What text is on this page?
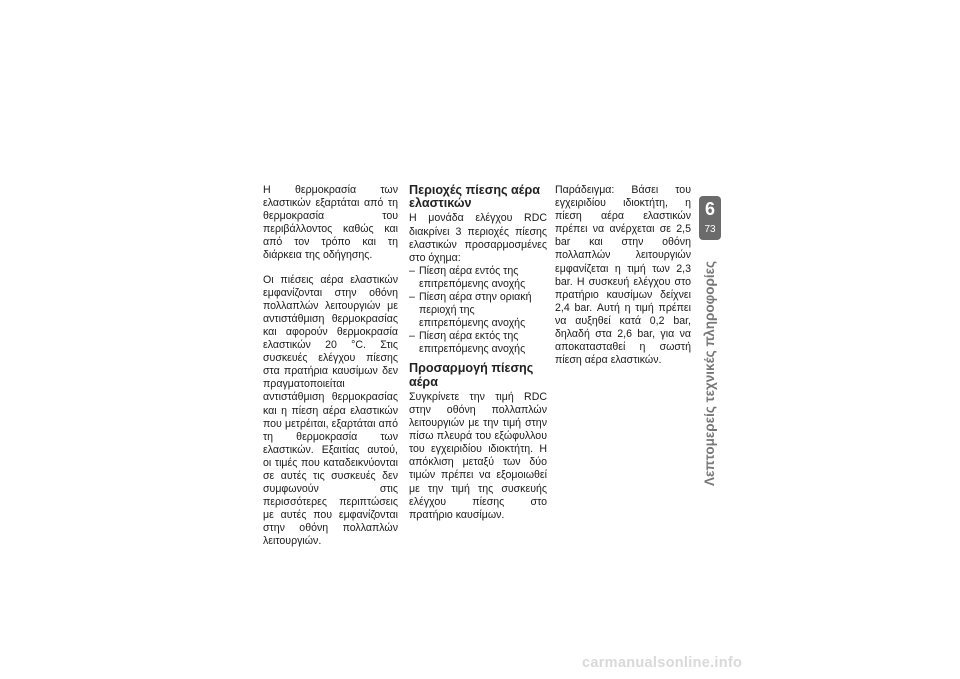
Η θερμοκρασία των ελαστικών εξαρτάται από τη θερμοκρασία του περιβάλλοντος καθώς και από τον τρόπο και τη διάρκεια της οδήγησης.

Οι πιέσεις αέρα ελαστικών εμφανίζονται στην οθόνη πολλαπλών λειτουργιών με αντιστάθμιση θερμοκρασίας και αφορούν θερμοκρασία ελαστικών 20 °C. Στις συσκευές ελέγχου πίεσης στα πρατήρια καυσίμων δεν πραγματοποιείται αντιστάθμιση θερμοκρασίας και η πίεση αέρα ελαστικών που μετρέιται, εξαρτάται από τη θερμοκρασία των ελαστικών. Εξαιτίας αυτού, οι τιμές που καταδεικνύονται σε αυτές τις συσκευές δεν συμφωνούν στις περισσότερες περιπτώσεις με αυτές που εμφανίζονται στην οθόνη πολλαπλών λειτουργιών.

Περιοχές πίεσης αέρα ελαστικών

Η μονάδα ελέγχου RDC διακρίνει 3 περιοχές πίεσης ελαστικών προσαρμοσμένες στο όχημα:

– Πίεση αέρα εντός της επιτρεπόμενης ανοχής
– Πίεση αέρα στην οριακή περιοχή της επιτρεπόμενης ανοχής
– Πίεση αέρα εκτός της επιτρεπόμενης ανοχής
Προσαρμογή πίεσης αέρα

Συγκρίνετε την τιμή RDC στην οθόνη πολλαπλών λειτουργιών με την τιμή στην πίσω πλευρά του εξώφυλλου του εγχειριδίου ιδιοκτήτη. Η απόκλιση μεταξύ των δύο τιμών πρέπει να εξομοιωθεί με την τιμή της συσκευής ελέγχου πίεσης στο πρατήριο καυσίμων.

Παράδειγμα: Βάσει του εγχειριδίου ιδιοκτήτη, η πίεση αέρα ελαστικών πρέπει να ανέρχεται σε 2,5 bar και στην οθόνη πολλαπλών λειτουργιών εμφανίζεται η τιμή των 2,3 bar. Η συσκευή ελέγχου στο πρατήριο καυσίμων δείχνει 2,4 bar. Αυτή η τιμή πρέπει να αυξηθεί κατά 0,2 bar, δηλαδή στα 2,6 bar, για να αποκατασταθεί η σωστή πίεση αέρα ελαστικών.

6
73
Λεπτομερείς τεχνικές πληροφορίες
carmanualsonline.info
